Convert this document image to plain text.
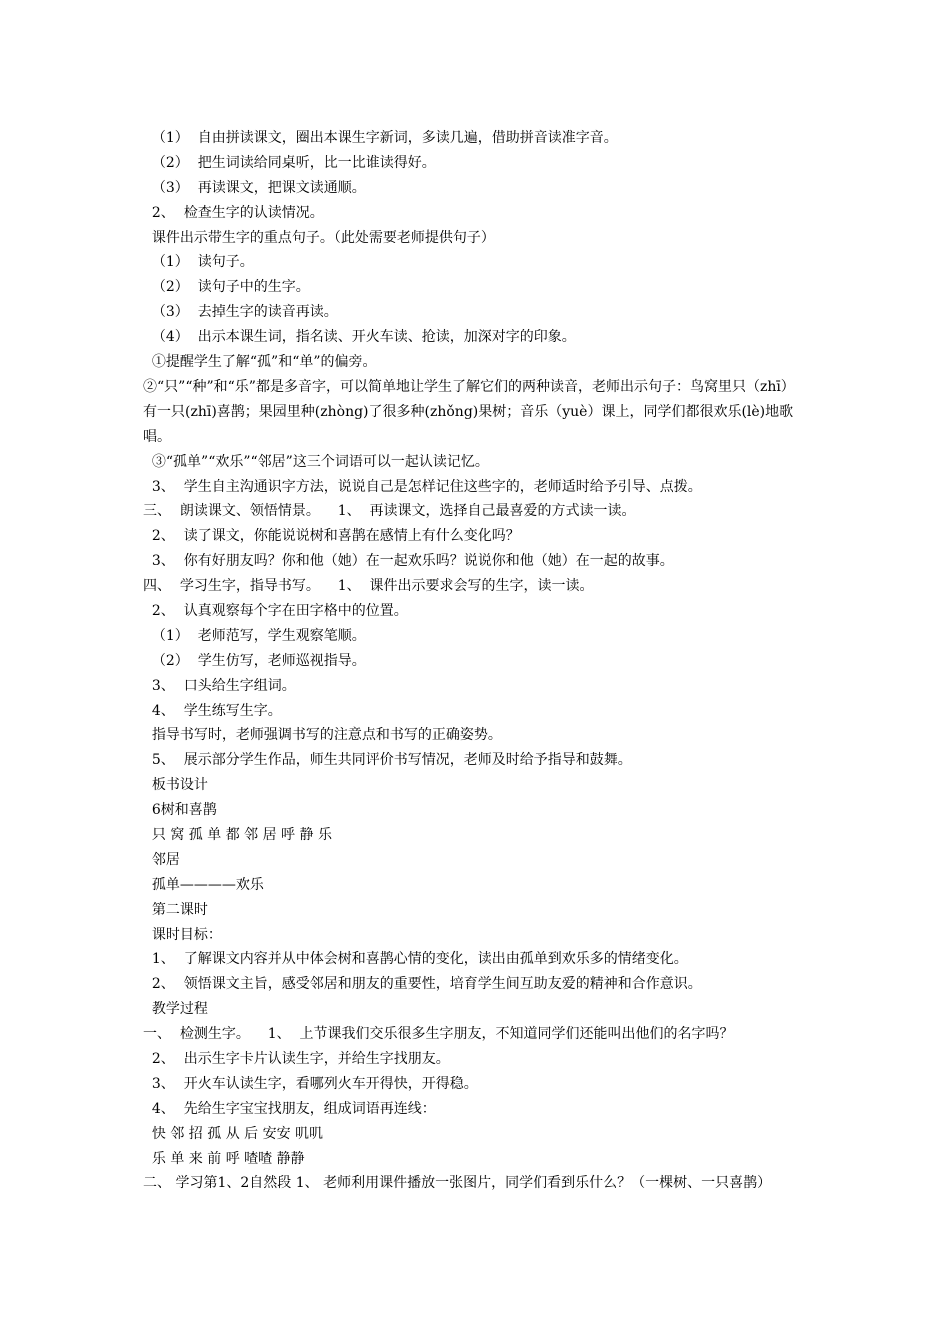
（1）  自由拼读课文，圈出本课生字新词，多读几遍，借助拼音读准字音。
（2）  把生词读给同桌听，比一比谁读得好。
（3）  再读课文，把课文读通顺。
2、  检查生字的认读情况。
课件出示带生字的重点句子。（此处需要老师提供句子）
（1）  读句子。
（2）  读句子中的生字。
（3）  去掉生字的读音再读。
（4）  出示本课生词，指名读、开火车读、抢读，加深对字的印象。
①提醒学生了解“孤”和“单”的偏旁。
②“只”“种”和“乐”都是多音字，可以简单地让学生了解它们的两种读音，老师出示句子：鸟窝里只（zhī）有一只(zhī)喜鹊；果园里种(zhòng)了很多种(zhǒng)果树；音乐（yuè）课上，同学们都很欢乐(lè)地歌唱。
③“孤单”“欢乐”“邻居”这三个词语可以一起认读记忆。
3、  学生自主沟通识字方法，说说自己是怎样记住这些字的，老师适时给予引导、点拨。
三、  朗读课文、领悟情景。    1、  再读课文，选择自己最喜爱的方式读一读。
2、  读了课文，你能说说树和喜鹊在感情上有什么变化吗？
3、  你有好朋友吗？你和他（她）在一起欢乐吗？说说你和他（她）在一起的故事。
四、  学习生字，指导书写。    1、  课件出示要求会写的生字，读一读。
2、  认真观察每个字在田字格中的位置。
（1）  老师范写，学生观察笔顺。
（2）  学生仿写，老师巡视指导。
3、  口头给生字组词。
4、  学生练写生字。
指导书写时，老师强调书写的注意点和书写的正确姿势。
5、  展示部分学生作品，师生共同评价书写情况，老师及时给予指导和鼓舞。
板书设计
6树和喜鹊
只 窝 孤 单 都 邻 居 呼 静 乐
邻居
孤单————欢乐
第二课时
课时目标：
1、  了解课文内容并从中体会树和喜鹊心情的变化，读出由孤单到欢乐多的情绪变化。
2、  领悟课文主旨，感受邻居和朋友的重要性，培育学生间互助友爱的精神和合作意识。
教学过程
一、  检测生字。    1、  上节课我们交乐很多生字朋友，不知道同学们还能叫出他们的名字吗？
2、  出示生字卡片认读生字，并给生字找朋友。
3、  开火车认读生字，看哪列火车开得快，开得稳。
4、  先给生字宝宝找朋友，组成词语再连线：
快 邻 招 孤 从 后 安安 叽叽
乐 单 来 前 呼 喳喳 静静
二、 学习第1、2自然段 1、 老师利用课件播放一张图片，同学们看到乐什么？（一棵树、一只喜鹊）
